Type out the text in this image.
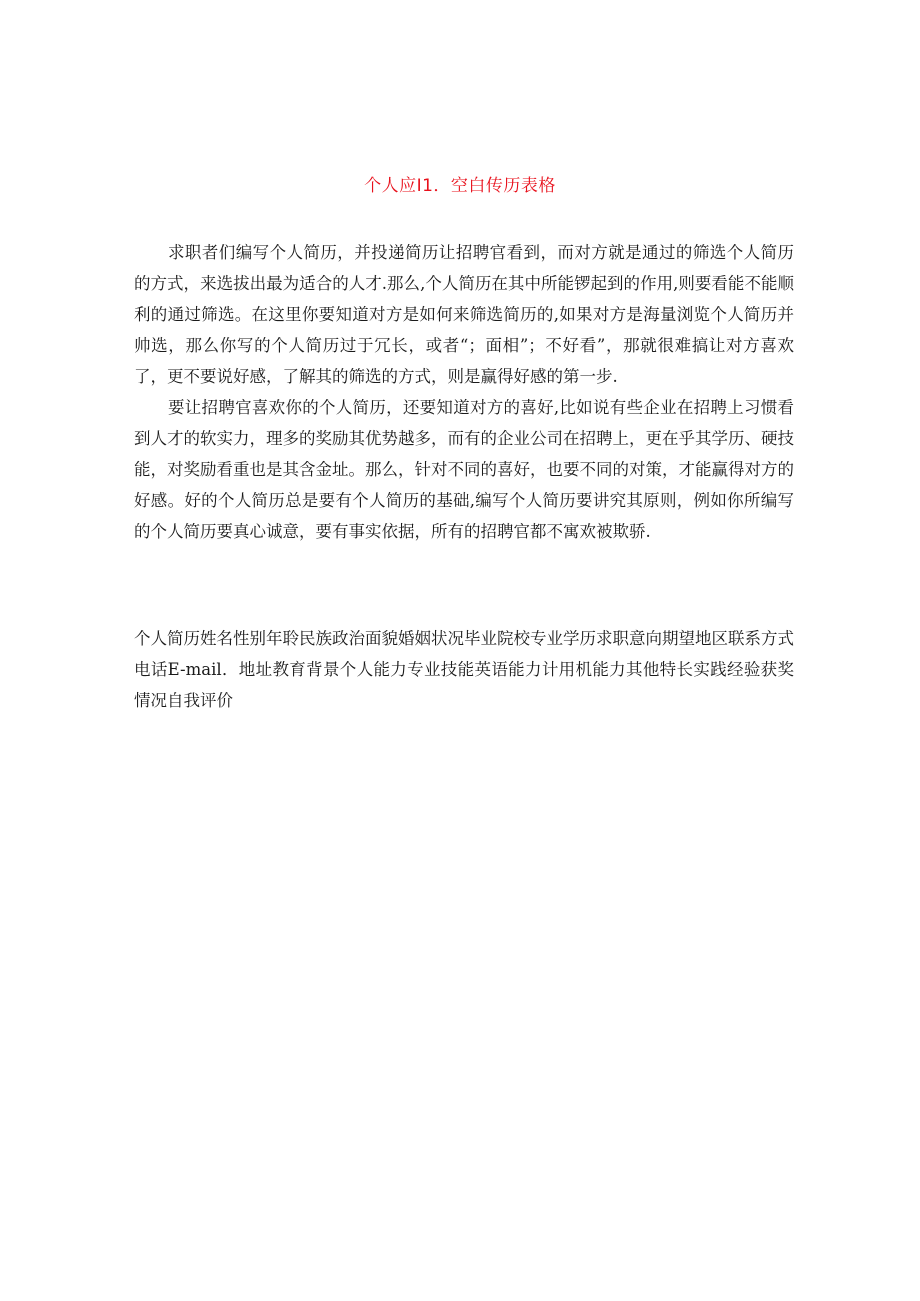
个人应I1．空白传历表格

求职者们编写个人简历，并投递简历让招聘官看到，而对方就是通过的筛选个人简历的方式，来选拔出最为适合的人才.那么,个人简历在其中所能锣起到的作用,则要看能不能顺利的通过筛选。在这里你要知道对方是如何来筛选简历的,如果对方是海量浏览个人简历并帅选，那么你写的个人简历过于冗长，或者“；面相”；不好看”，那就很难搞让对方喜欢了，更不要说好感，了解其的筛选的方式，则是赢得好感的第一步.

要让招聘官喜欢你的个人简历，还要知道对方的喜好,比如说有些企业在招聘上习惯看到人才的软实力，理多的奖励其优势越多，而有的企业公司在招聘上，更在乎其学历、硬技能，对奖励看重也是其含金址。那么，针对不同的喜好，也要不同的对策，才能赢得对方的好感。好的个人简历总是要有个人简历的基础,编写个人简历要讲究其原则，例如你所编写的个人简历要真心诚意，要有事实依据，所有的招聘官都不寓欢被欺骄.

个人简历姓名性别年聆民族政治面貌婚姻状况毕业院校专业学历求职意向期望地区联系方式电话E-mail．地址教育背景个人能力专业技能英语能力计用机能力其他特长实践经验获奖情况自我评价
